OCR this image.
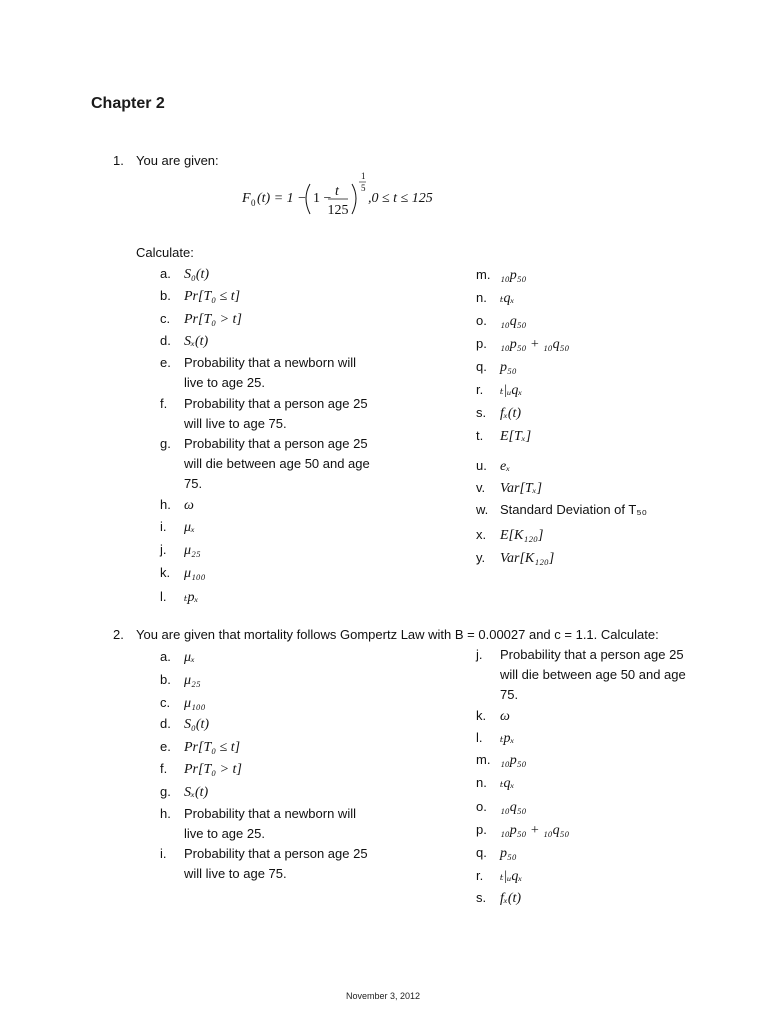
Chapter 2
1. You are given:
F 0 (t) = 1 − 1 − t
125
1
5
,0 ≤ t ≤ 125
Calculate:
a. S₀(t)
b. Pr[T₀ ≤ t]
c. Pr[T₀ > t]
d. Sₓ(t)
e. Probability that a newborn will
live to age 25.
f. Probability that a person age 25
will live to age 75.
g. Probability that a person age 25
will die between age 50 and age
75.
h. ω
i. μₓ
j. μ₂₅
k. μ₁₀₀
l. ₜpₓ
m. ₁₀p₅₀
n. ₜqₓ
o. ₁₀q₅₀
p. ₁₀p₅₀ + ₁₀q₅₀
q. p₅₀
r. ₜ|ᵤqₓ
s. fₓ(t)
t. E[Tₓ]
u. eₓ
v. Var[Tₓ]
w. Standard Deviation of T₅₀
x. E[K₁₂₀]
y. Var[K₁₂₀]
2. You are given that mortality follows Gompertz Law with B = 0.00027 and c = 1.1. Calculate:
a. μₓ
b. μ₂₅
c. μ₁₀₀
d. S₀(t)
e. Pr[T₀ ≤ t]
f. Pr[T₀ > t]
g. Sₓ(t)
h. Probability that a newborn will
live to age 25.
i. Probability that a person age 25
will live to age 75.
j. Probability that a person age 25
will die between age 50 and age
75.
k. ω
l. ₜpₓ
m. ₁₀p₅₀
n. ₜqₓ
o. ₁₀q₅₀
p. ₁₀p₅₀ + ₁₀q₅₀
q. p₅₀
r. ₜ|ᵤqₓ
s. fₓ(t)
November 3, 2012
